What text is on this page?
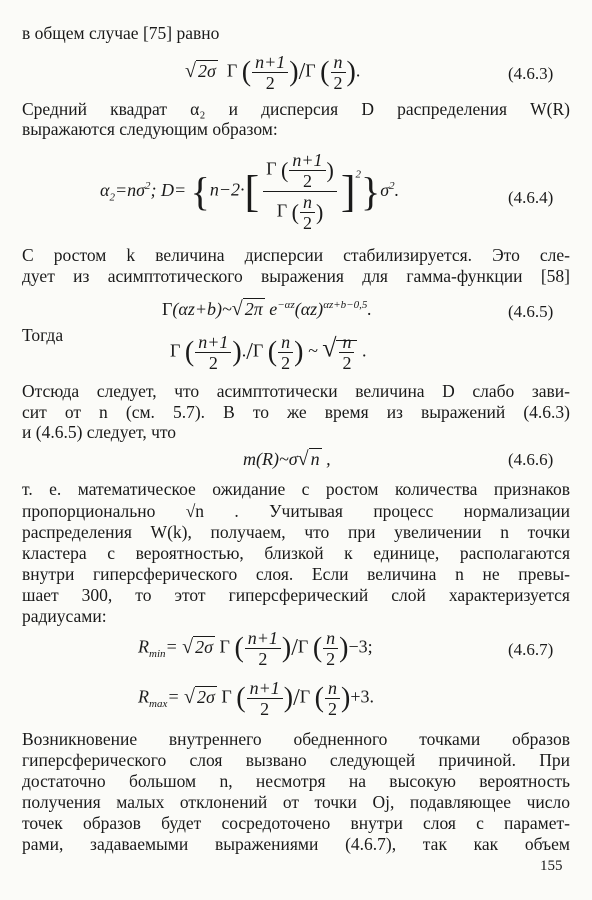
в общем случае [75] равно
√ 2σ  Γ ( $\frac{n+1}{2} )/\Gamma$ ( $\frac{n}{2}$ ).	(4.6.3)
Средний квадрат α₂ и дисперсия D распределения W(R)
выражаются следующим образом:
$\alpha_2=n\sigma^2$; $D= \{n-2\cdot[ \frac{\Gamma ( \frac{n+1}{2} )}{\Gamma ( \frac{n}{2} )} ]^2\}\sigma^2$.	(4.6.4)
С ростом k величина дисперсии стабилизируется. Это сле-
дует из асимптотического выражения для гамма-функции [58]
Γ(αz+b)~√ 2π $e^{-\alpha z}(\alpha z)^{\alpha z+b-0,5}$.	(4.6.5)
Тогда
Γ ( $\frac{n+1}{2} )./\Gamma$ ( $\frac{n}{2}$ ) ~ √ $\frac{n}{2}$ .
Отсюда следует, что асимптотически величина D слабо зави-
сит от n (см. 5.7). В то же время из выражений (4.6.3)
и (4.6.5) следует, что
m(R)~σ√ n ,	(4.6.6)
т. е. математическое ожидание с ростом количества признаков
пропорционально √n . Учитывая процесс нормализации
распределения W(k), получаем, что при увеличении n точки
кластера с вероятностью, близкой к единице, располагаются
внутри гиперсферического слоя. Если величина n не превы-
шает 300, то этот гиперсферический слой характеризуется
радиусами:
$R_{min}=$ √ 2σ Γ ( $\frac{n+1}{2} )/\Gamma$ ( $\frac{n}{2} )-3$;	(4.6.7)
$R_{max}=$ √ 2σ Γ ( $\frac{n+1}{2} )/\Gamma$ ( $\frac{n}{2} )+3$.
Возникновение внутреннего обедненного точками образов
гиперсферического слоя вызвано следующей причиной. При
достаточно большом n, несмотря на высокую вероятность
получения малых отклонений от точки Oj, подавляющее число
точек образов будет сосредоточено внутри слоя с парамет-
рами, задаваемыми выражениями (4.6.7), так как объем
155
